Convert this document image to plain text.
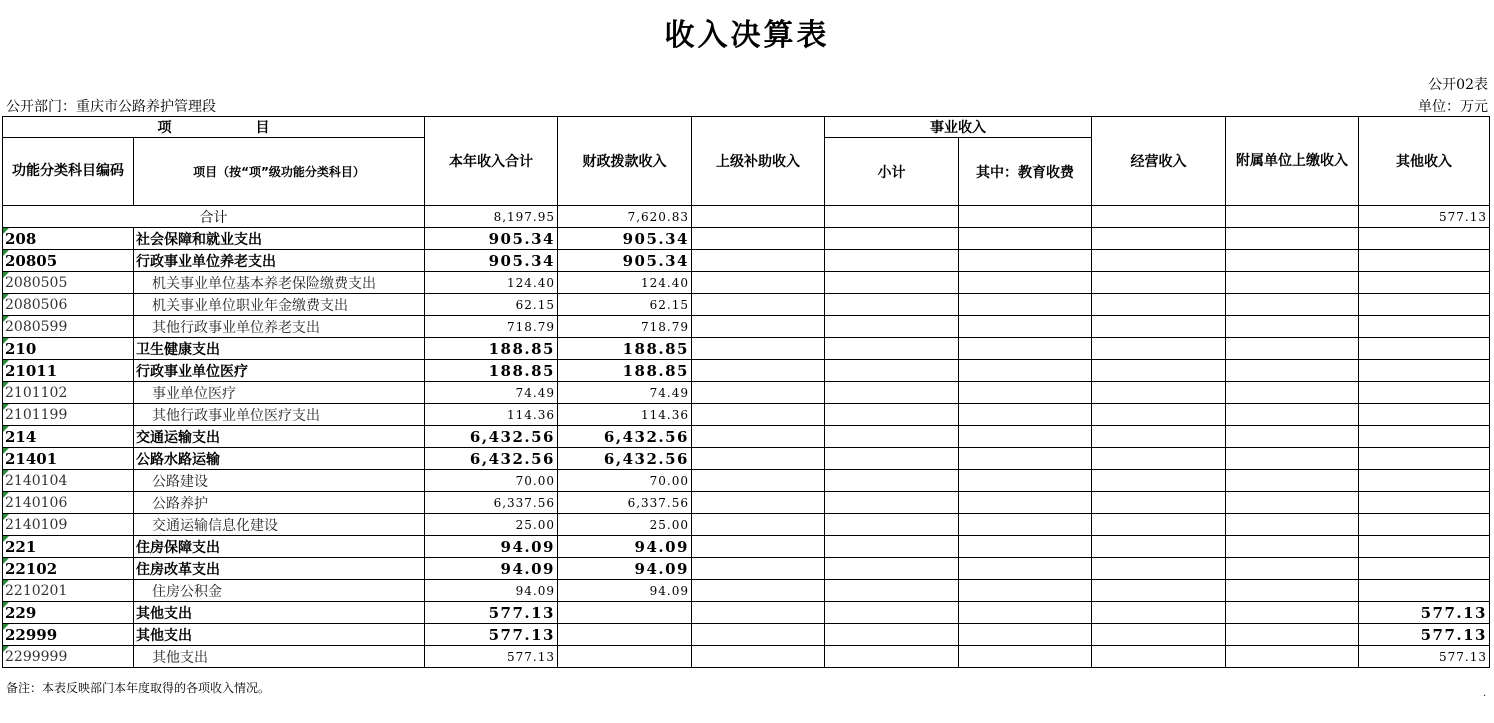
收入决算表
公开02表
公开部门：重庆市公路养护管理段	单位：万元
项　　　　　　目		本年收入合计	财政拨款收入	上级补助收入	事业收入		经营收入	附属单位上缴收入	其他收入
功能分类科目编码	项目（按“项”级功能分类科目）				小计	其中：教育收费			
合计		8,197.95	7,620.83						577.13
208	社会保障和就业支出	905.34	905.34						
20805	行政事业单位养老支出	905.34	905.34						
2080505	机关事业单位基本养老保险缴费支出	124.40	124.40						
2080506	机关事业单位职业年金缴费支出	62.15	62.15						
2080599	其他行政事业单位养老支出	718.79	718.79						
210	卫生健康支出	188.85	188.85						
21011	行政事业单位医疗	188.85	188.85						
2101102	事业单位医疗	74.49	74.49						
2101199	其他行政事业单位医疗支出	114.36	114.36						
214	交通运输支出	6,432.56	6,432.56						
21401	公路水路运输	6,432.56	6,432.56						
2140104	公路建设	70.00	70.00						
2140106	公路养护	6,337.56	6,337.56						
2140109	交通运输信息化建设	25.00	25.00						
221	住房保障支出	94.09	94.09						
22102	住房改革支出	94.09	94.09						
2210201	住房公积金	94.09	94.09						
229	其他支出	577.13							577.13
22999	其他支出	577.13							577.13
2299999	其他支出	577.13							577.13
备注：本表反映部门本年度取得的各项收入情况。	.
